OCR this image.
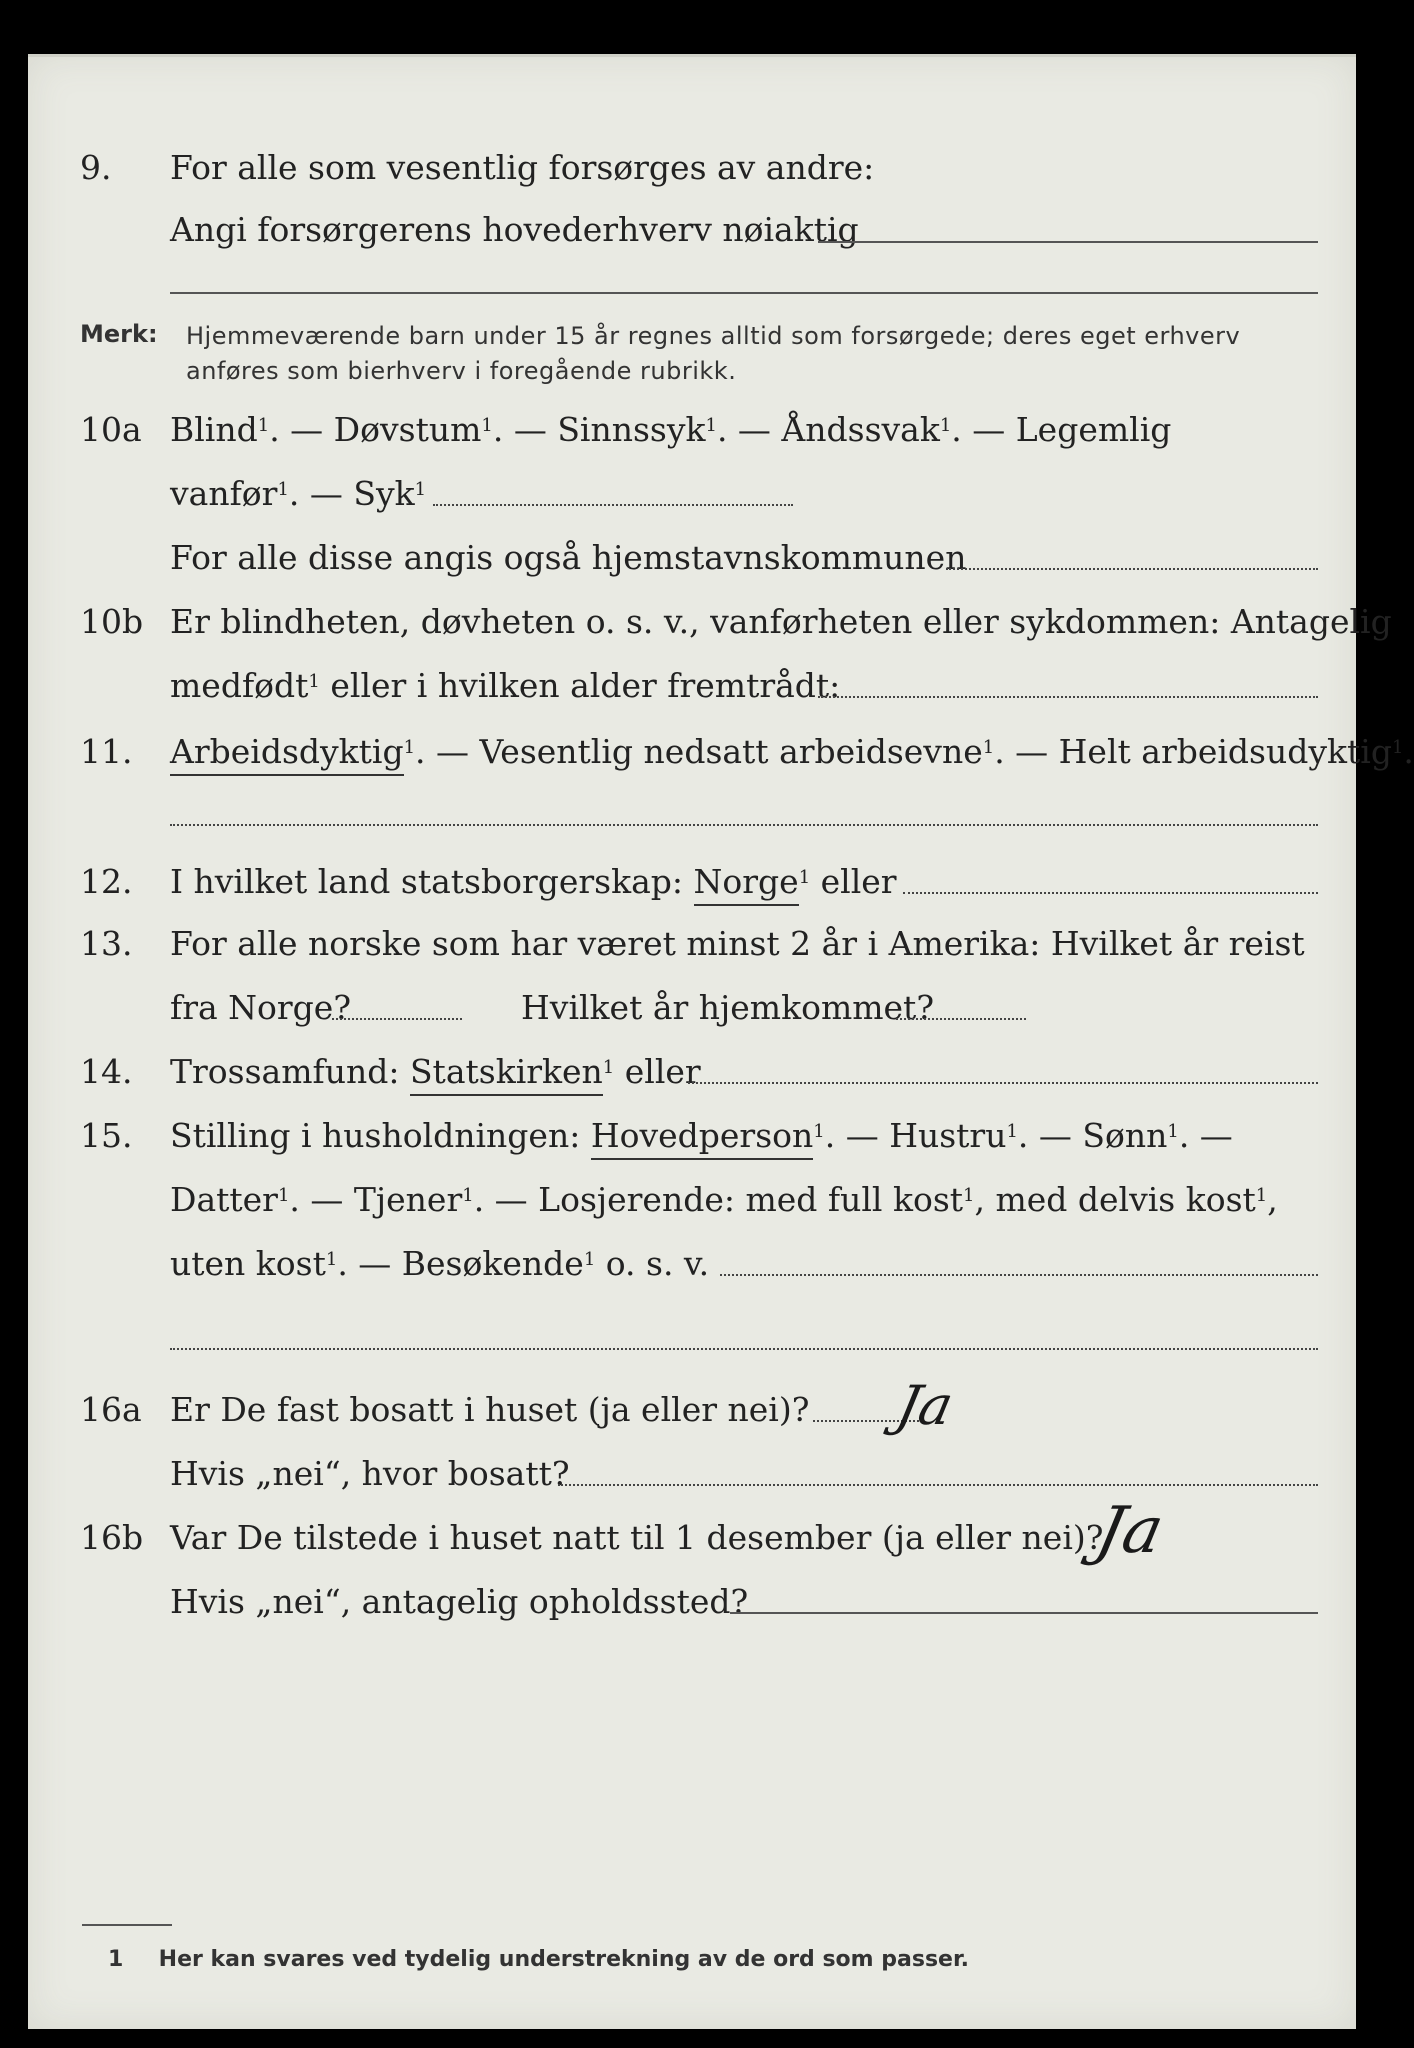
9. For alle som vesentlig forsørges av andre:
Angi forsørgerens hovederhverv nøiaktig
Merk: Hjemmeværende barn under 15 år regnes alltid som forsørgede; deres eget erhverv
anføres som bierhverv i foregående rubrikk.
10a Blind$^1$. — Døvstum$^1$. — Sinnssyk$^1$. — Åndssvak$^1$. — Legemlig
vanfør$^1$. — Syk$^1$
For alle disse angis også hjemstavnskommunen
10b Er blindheten, døvheten o. s. v., vanførheten eller sykdommen: Antagelig
medfødt$^1$ eller i hvilken alder fremtrådt:
11. Arbeidsdyktig$^1$. — Vesentlig nedsatt arbeidsevne$^1$. — Helt arbeidsudyktig$^1$.
12. I hvilket land statsborgerskap: Norge$^1$ eller
13. For alle norske som har været minst 2 år i Amerika: Hvilket år reist
fra Norge?	Hvilket år hjemkommet?
14. Trossamfund: Statskirken$^1$ eller
15. Stilling i husholdningen: Hovedperson$^1$. — Hustru$^1$. — Sønn$^1$. —
Datter$^1$. — Tjener$^1$. — Losjerende: med full kost$^1$, med delvis kost$^1$,
uten kost$^1$. — Besøkende$^1$ o. s. v.
16a Er De fast bosatt i huset (ja eller nei)? Ja
Hvis „nei“, hvor bosatt?
16b Var De tilstede i huset natt til 1 desember (ja eller nei)?
Ja
Hvis „nei“, antagelig opholdssted?
1 Her kan svares ved tydelig understrekning av de ord som passer.
